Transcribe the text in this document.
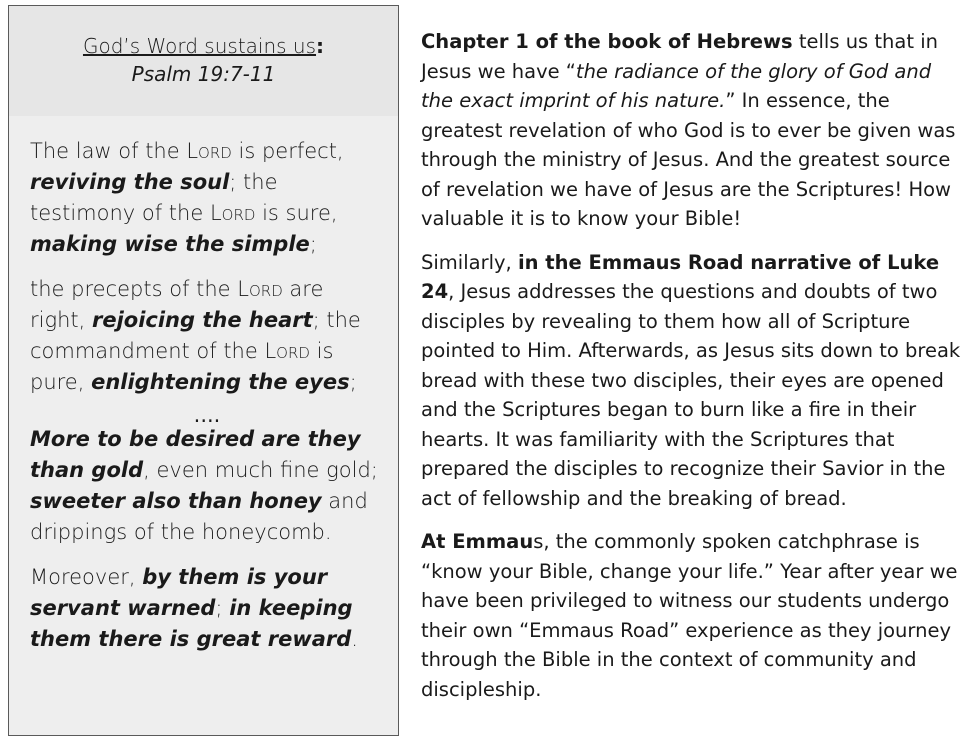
God’s Word sustains us:
Psalm 19:7-11

The law of the Lord is perfect, reviving the soul; the testimony of the Lord is sure, making wise the simple;

the precepts of the Lord are right, rejoicing the heart; the commandment of the Lord is pure, enlightening the eyes;

....

More to be desired are they than gold, even much fine gold; sweeter also than honey and drippings of the honeycomb.

Moreover, by them is your servant warned; in keeping them there is great reward.

Chapter 1 of the book of Hebrews tells us that in Jesus we have “the radiance of the glory of God and the exact imprint of his nature.” In essence, the greatest revelation of who God is to ever be given was through the ministry of Jesus. And the greatest source of revelation we have of Jesus are the Scriptures! How valuable it is to know your Bible!

Similarly, in the Emmaus Road narrative of Luke 24, Jesus addresses the questions and doubts of two disciples by revealing to them how all of Scripture pointed to Him. Afterwards, as Jesus sits down to break bread with these two disciples, their eyes are opened and the Scriptures began to burn like a fire in their hearts. It was familiarity with the Scriptures that prepared the disciples to recognize their Savior in the act of fellowship and the breaking of bread.

At Emmaus, the commonly spoken catchphrase is “know your Bible, change your life.” Year after year we have been privileged to witness our students undergo their own “Emmaus Road” experience as they journey through the Bible in the context of community and discipleship.
